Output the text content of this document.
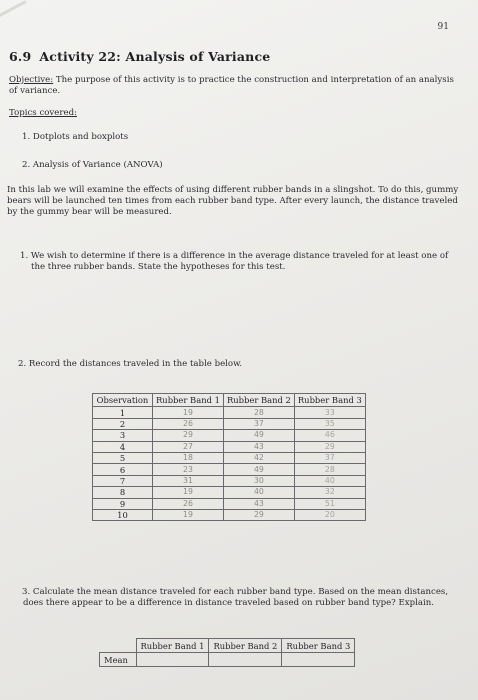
91
6.9 Activity 22: Analysis of Variance
Objective: The purpose of this activity is to practice the construction and interpretation of an analysis
of variance.
Topics covered:
1. Dotplots and boxplots
2. Analysis of Variance (ANOVA)
In this lab we will examine the effects of using different rubber bands in a slingshot. To do this, gummy
bears will be launched ten times from each rubber band type. After every launch, the distance traveled
by the gummy bear will be measured.
1. We wish to determine if there is a difference in the average distance traveled for at least one of
the three rubber bands. State the hypotheses for this test.
2. Record the distances traveled in the table below.
Observation	Rubber Band 1	Rubber Band 2	Rubber Band 3
1	19	28	33
2	26	37	35
3	29	49	46
4	27	43	29
5	18	42	37
6	23	49	28
7	31	30	40
8	19	40	32
9	26	43	51
10	19	29	20
3. Calculate the mean distance traveled for each rubber band type. Based on the mean distances,
does there appear to be a difference in distance traveled based on rubber band type? Explain.
	Rubber Band 1	Rubber Band 2	Rubber Band 3
Mean			
